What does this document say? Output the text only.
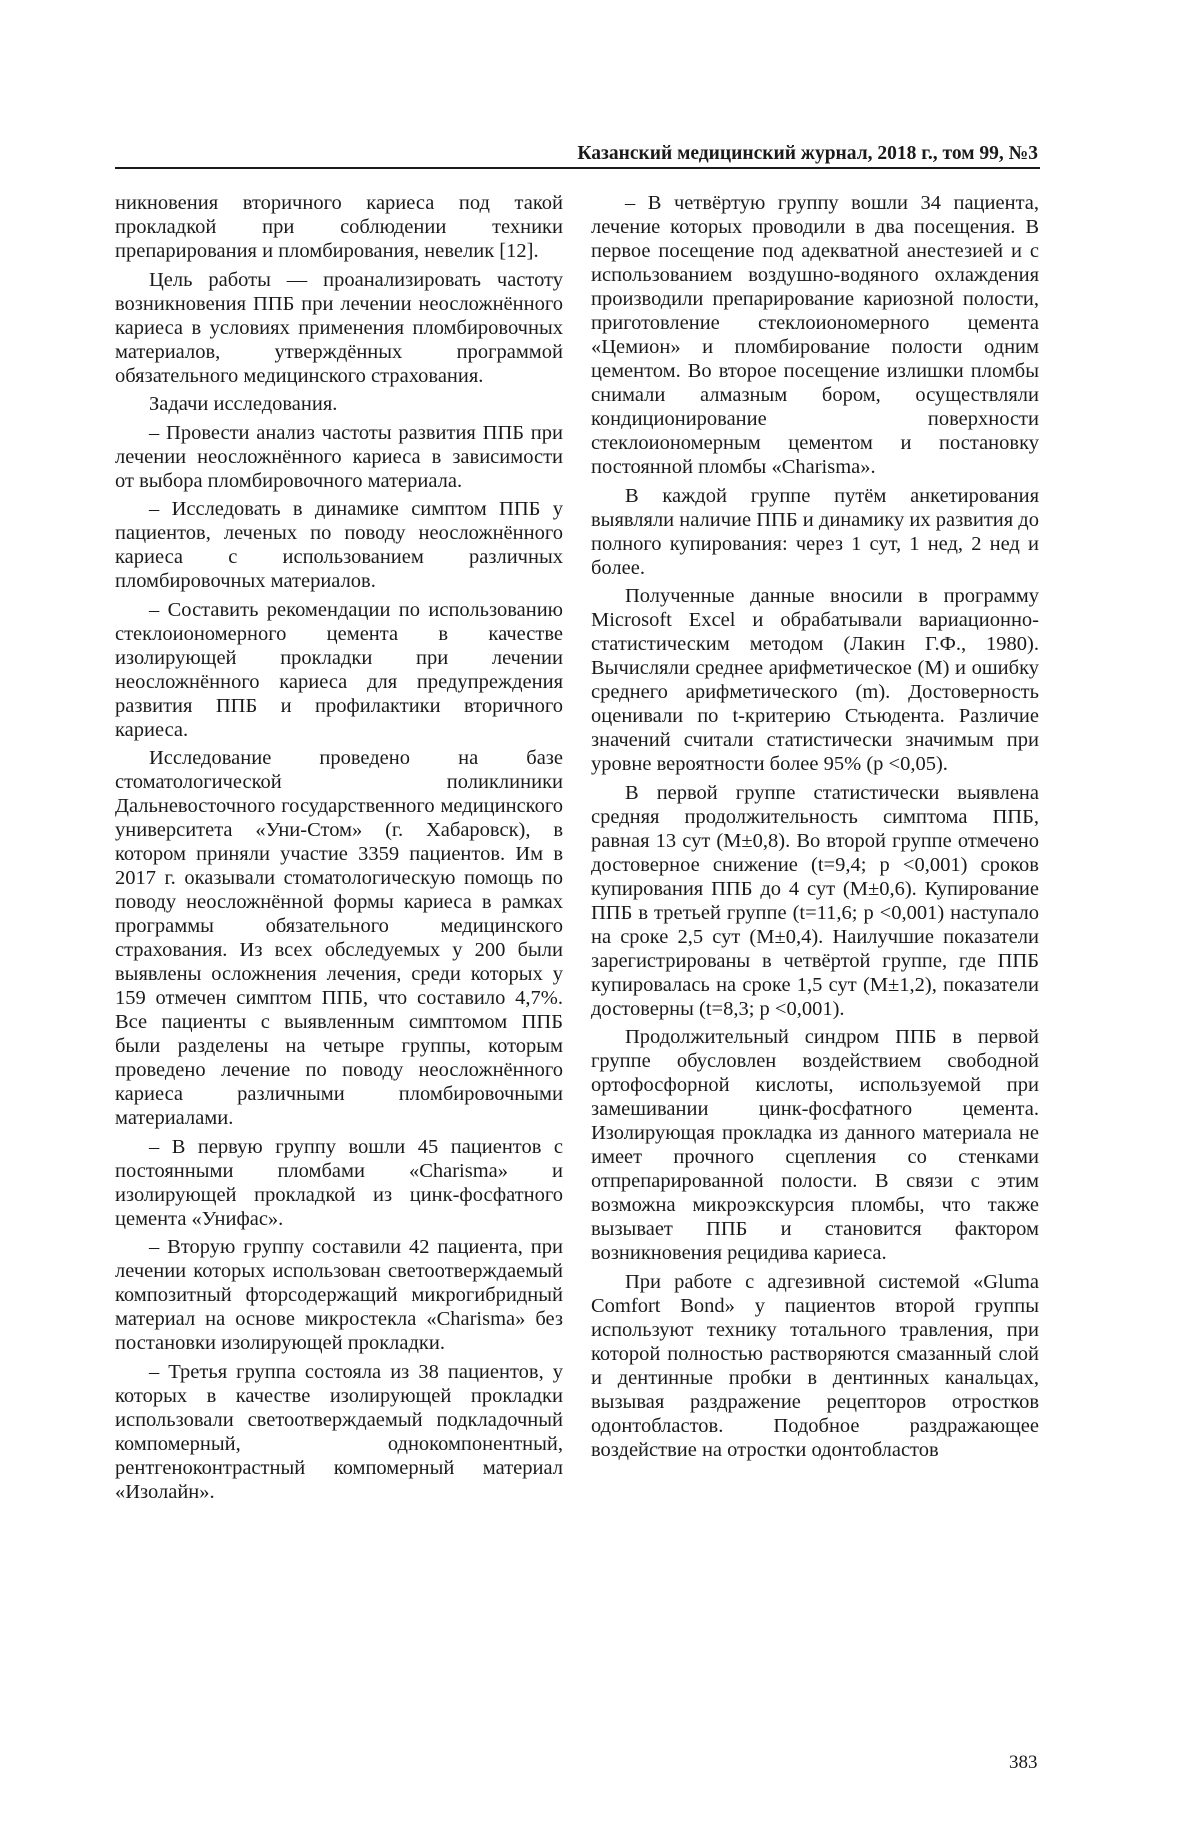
Казанский медицинский журнал, 2018 г., том 99, №3

никновения вторичного кариеса под такой прокладкой при соблюдении техники препарирования и пломбирования, невелик [12].

Цель работы — проанализировать частоту возникновения ППБ при лечении неосложнённого кариеса в условиях применения пломбировочных материалов, утверждённых программой обязательного медицинского страхования.

Задачи исследования.

– Провести анализ частоты развития ППБ при лечении неосложнённого кариеса в зависимости от выбора пломбировочного материала.

– Исследовать в динамике симптом ППБ у пациентов, леченых по поводу неосложнённого кариеса с использованием различных пломбировочных материалов.

– Составить рекомендации по использованию стеклоиономерного цемента в качестве изолирующей прокладки при лечении неосложнённого кариеса для предупреждения развития ППБ и профилактики вторичного кариеса.

Исследование проведено на базе стоматологической поликлиники Дальневосточного государственного медицинского университета «Уни-Стом» (г. Хабаровск), в котором приняли участие 3359 пациентов. Им в 2017 г. оказывали стоматологическую помощь по поводу неосложнённой формы кариеса в рамках программы обязательного медицинского страхования. Из всех обследуемых у 200 были выявлены осложнения лечения, среди которых у 159 отмечен симптом ППБ, что составило 4,7%. Все пациенты с выявленным симптомом ППБ были разделены на четыре группы, которым проведено лечение по поводу неосложнённого кариеса различными пломбировочными материалами.

– В первую группу вошли 45 пациентов с постоянными пломбами «Charisma» и изолирующей прокладкой из цинк-фосфатного цемента «Унифас».

– Вторую группу составили 42 пациента, при лечении которых использован светоотверждаемый композитный фторсодержащий микрогибридный материал на основе микростекла «Charisma» без постановки изолирующей прокладки.

– Третья группа состояла из 38 пациентов, у которых в качестве изолирующей прокладки использовали светоотверждаемый подкладочный компомерный, однокомпонентный, рентгеноконтрастный компомерный материал «Изолайн».

– В четвёртую группу вошли 34 пациента, лечение которых проводили в два посещения. В первое посещение под адекватной анестезией и с использованием воздушно-водяного охлаждения производили препарирование кариозной полости, приготовление стеклоиономерного цемента «Цемион» и пломбирование полости одним цементом. Во второе посещение излишки пломбы снимали алмазным бором, осуществляли кондиционирование поверхности стеклоиономерным цементом и постановку постоянной пломбы «Charisma».

В каждой группе путём анкетирования выявляли наличие ППБ и динамику их развития до полного купирования: через 1 сут, 1 нед, 2 нед и более.

Полученные данные вносили в программу Microsoft Excel и обрабатывали вариационно-статистическим методом (Лакин Г.Ф., 1980). Вычисляли среднее арифметическое (М) и ошибку среднего арифметического (m). Достоверность оценивали по t-критерию Стьюдента. Различие значений считали статистически значимым при уровне вероятности более 95% (р <0,05).

В первой группе статистически выявлена средняя продолжительность симптома ППБ, равная 13 сут (М±0,8). Во второй группе отмечено достоверное снижение (t=9,4; р <0,001) сроков купирования ППБ до 4 сут (М±0,6). Купирование ППБ в третьей группе (t=11,6; р <0,001) наступало на сроке 2,5 сут (М±0,4). Наилучшие показатели зарегистрированы в четвёртой группе, где ППБ купировалась на сроке 1,5 сут (М±1,2), показатели достоверны (t=8,3; р <0,001).

Продолжительный синдром ППБ в первой группе обусловлен воздействием свободной ортофосфорной кислоты, используемой при замешивании цинк-фосфатного цемента. Изолирующая прокладка из данного материала не имеет прочного сцепления со стенками отпрепарированной полости. В связи с этим возможна микроэкскурсия пломбы, что также вызывает ППБ и становится фактором возникновения рецидива кариеса.

При работе с адгезивной системой «Gluma Comfort Bond» у пациентов второй группы используют технику тотального травления, при которой полностью растворяются смазанный слой и дентинные пробки в дентинных канальцах, вызывая раздражение рецепторов отростков одонтобластов. Подобное раздражающее воздействие на отростки одонтобластов

383
